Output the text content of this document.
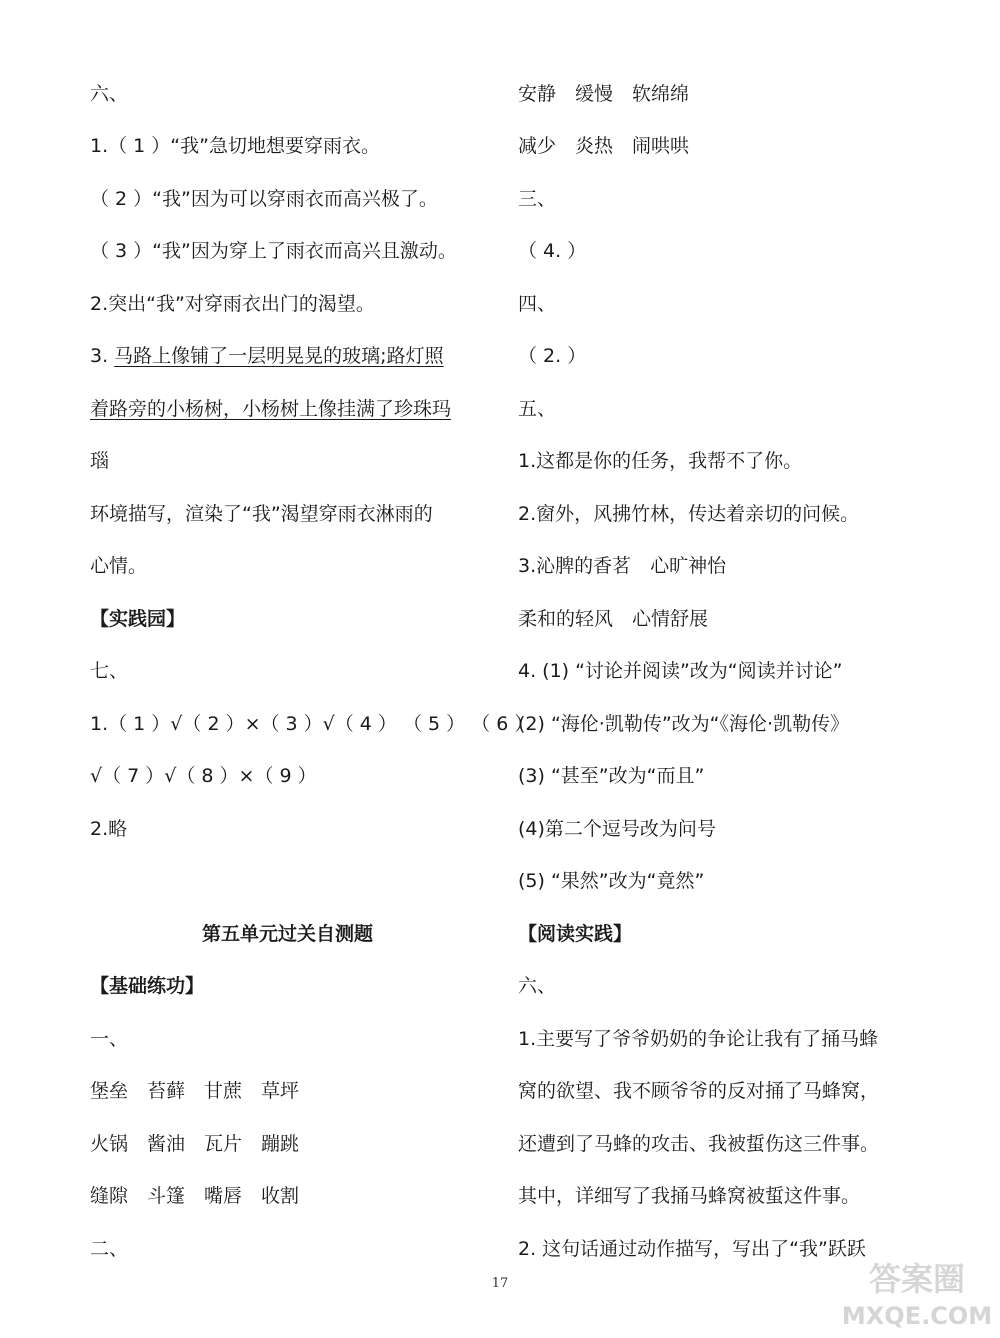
六、
1.（ 1 ）“我”急切地想要穿雨衣。
（ 2 ）“我”因为可以穿雨衣而高兴极了。
（ 3 ）“我”因为穿上了雨衣而高兴且激动。
2.突出“我”对穿雨衣出门的渴望。
3. 马路上像铺了一层明晃晃的玻璃;路灯照
着路旁的小杨树，小杨树上像挂满了珍珠玛
瑙
环境描写，渲染了“我”渴望穿雨衣淋雨的
心情。
【实践园】
七、
1.（ 1 ）√（ 2 ）×（ 3 ）√（ 4 ） （ 5 ） （ 6 ）
√（ 7 ）√（ 8 ）×（ 9 ）
2.略
【基础练功】
一、
堡垒　苔藓　甘蔗　草坪
火锅　酱油　瓦片　蹦跳
缝隙　斗篷　嘴唇　收割
二、
第五单元过关自测题
安静　缓慢　软绵绵
减少　炎热　闹哄哄
三、
（ 4. ）
四、
（ 2. ）
五、
1.这都是你的任务，我帮不了你。
2.窗外，风拂竹林，传达着亲切的问候。
3.沁脾的香茗　心旷神怡
柔和的轻风　心情舒展
4. (1) “讨论并阅读”改为“阅读并讨论”
(2) “海伦·凯勒传”改为“《海伦·凯勒传》
(3) “甚至”改为“而且”
(4)第二个逗号改为问号
(5) “果然”改为“竟然”
【阅读实践】
六、
1.主要写了爷爷奶奶的争论让我有了捅马蜂
窝的欲望、我不顾爷爷的反对捅了马蜂窝，
还遭到了马蜂的攻击、我被蜇伤这三件事。
其中，详细写了我捅马蜂窝被蜇这件事。
2. 这句话通过动作描写，写出了“我”跃跃
17	答案圈
MXQE.COM
